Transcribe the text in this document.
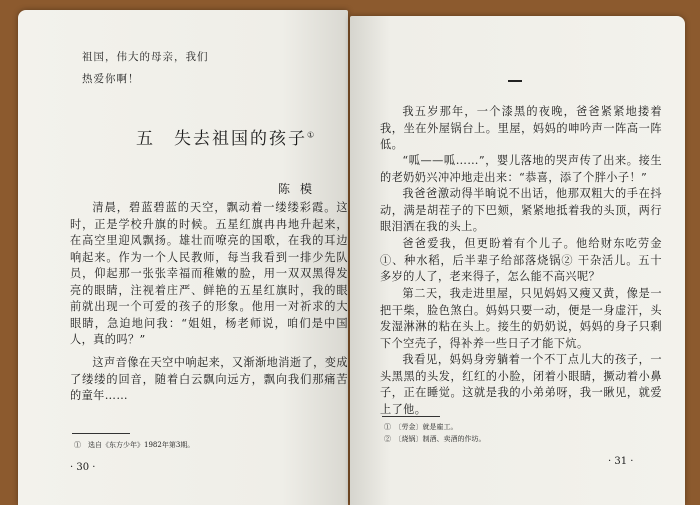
祖国，伟大的母亲，我们
热爱你啊！
五　失去祖国的孩子①
陈模

清晨，碧蓝碧蓝的天空，飘动着一缕缕彩霞。这时，正是学校升旗的时候。五星红旗冉冉地升起来，在高空里迎风飘扬。雄壮而嘹亮的国歌，在我的耳边响起来。作为一个人民教师，每当我看到一排少先队员，仰起那一张张幸福而稚嫩的脸，用一双双黑得发亮的眼睛，注视着庄严、鲜艳的五星红旗时，我的眼前就出现一个可爱的孩子的形象。他用一对祈求的大眼睛，急迫地问我：“姐姐，杨老师说，咱们是中国人，真的吗？”

这声音像在天空中响起来，又渐渐地消逝了，变成了缕缕的回音，随着白云飘向远方，飘向我们那痛苦的童年……

①　选自《东方少年》1982年第3期。
· 30 ·

我五岁那年，一个漆黑的夜晚，爸爸紧紧地搂着我，坐在外屋锅台上。里屋，妈妈的呻吟声一阵高一阵低。

“呱——呱……”，婴儿落地的哭声传了出来。接生的老奶奶兴冲冲地走出来：“恭喜，添了个胖小子！”

我爸爸激动得半晌说不出话，他那双粗大的手在抖动，满是胡茬子的下巴颏，紧紧地抵着我的头顶，两行眼泪洒在我的头上。

爸爸爱我，但更盼着有个儿子。他给财东吃劳金①、种水稻，后半辈子给部落烧锅② 干杂活儿。五十多岁的人了，老来得子，怎么能不高兴呢？

第二天，我走进里屋，只见妈妈又瘦又黄，像是一把干柴，脸色煞白。妈妈只要一动，便是一身虚汗，头发湿淋淋的粘在头上。接生的奶奶说，妈妈的身子只剩下个空壳子，得补养一些日子才能下炕。

我看见，妈妈身旁躺着一个不丁点儿大的孩子，一头黑黑的头发，红红的小脸，闭着小眼睛，撅动着小鼻子，正在睡觉。这就是我的小弟弟呀，我一瞅见，就爱上了他。

①　〔劳金〕就是雇工。
②　〔烧锅〕制酒、卖酒的作坊。
· 31 ·
